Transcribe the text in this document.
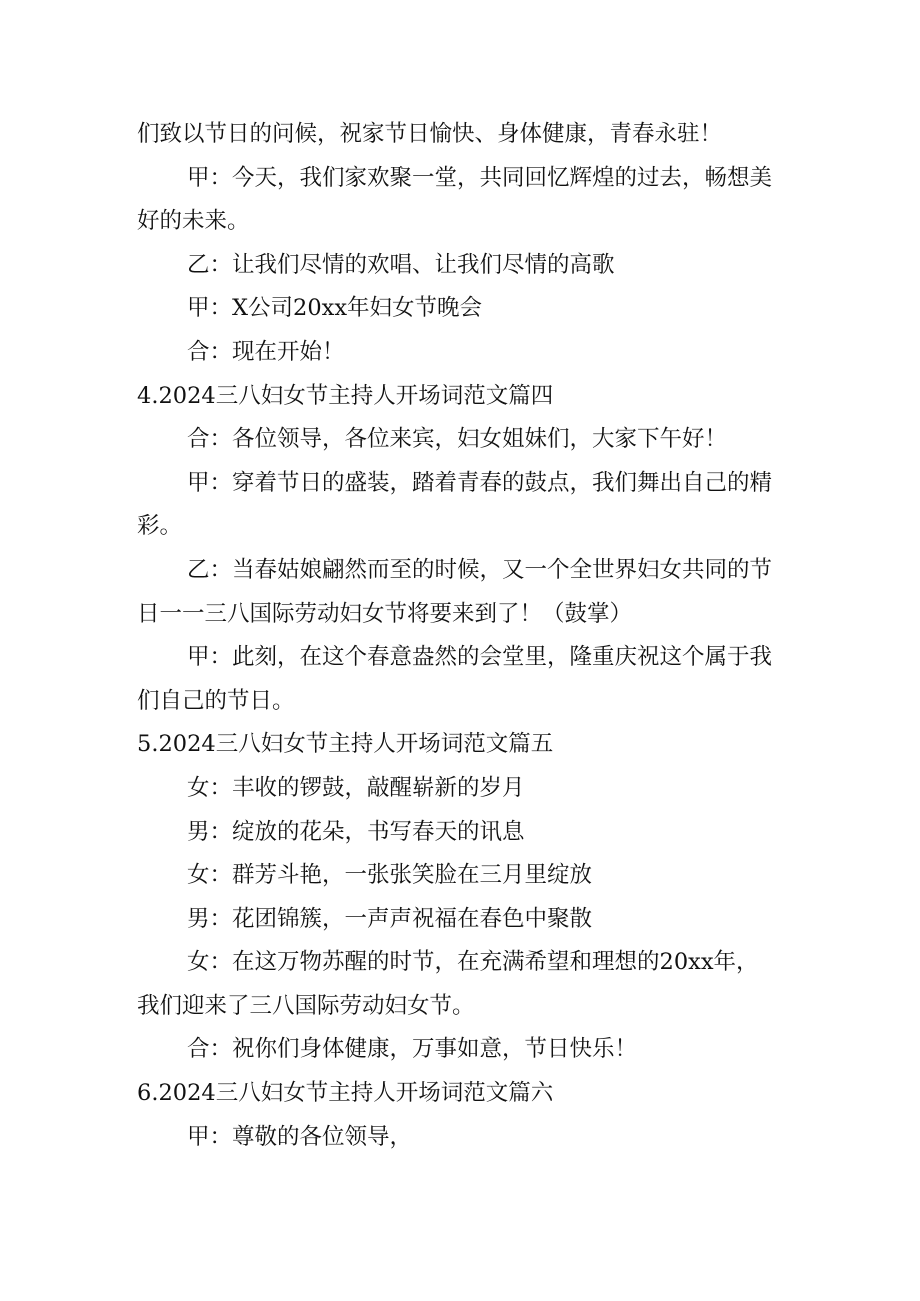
们致以节日的问候，祝家节日愉快、身体健康，青春永驻！
甲：今天，我们家欢聚一堂，共同回忆辉煌的过去，畅想美
好的未来。
乙：让我们尽情的欢唱、让我们尽情的高歌
甲：X公司20xx年妇女节晚会
合：现在开始！
4.2024三八妇女节主持人开场词范文篇四
合：各位领导，各位来宾，妇女姐妹们，大家下午好！
甲：穿着节日的盛装，踏着青春的鼓点，我们舞出自己的精
彩。
乙：当春姑娘翩然而至的时候，又一个全世界妇女共同的节
日一一三八国际劳动妇女节将要来到了！（鼓掌）
甲：此刻，在这个春意盎然的会堂里，隆重庆祝这个属于我
们自己的节日。
5.2024三八妇女节主持人开场词范文篇五
女：丰收的锣鼓，敲醒崭新的岁月
男：绽放的花朵，书写春天的讯息
女：群芳斗艳，一张张笑脸在三月里绽放
男：花团锦簇，一声声祝福在春色中聚散
女：在这万物苏醒的时节，在充满希望和理想的20xx年，
我们迎来了三八国际劳动妇女节。
合：祝你们身体健康，万事如意，节日快乐！
6.2024三八妇女节主持人开场词范文篇六
甲：尊敬的各位领导，
